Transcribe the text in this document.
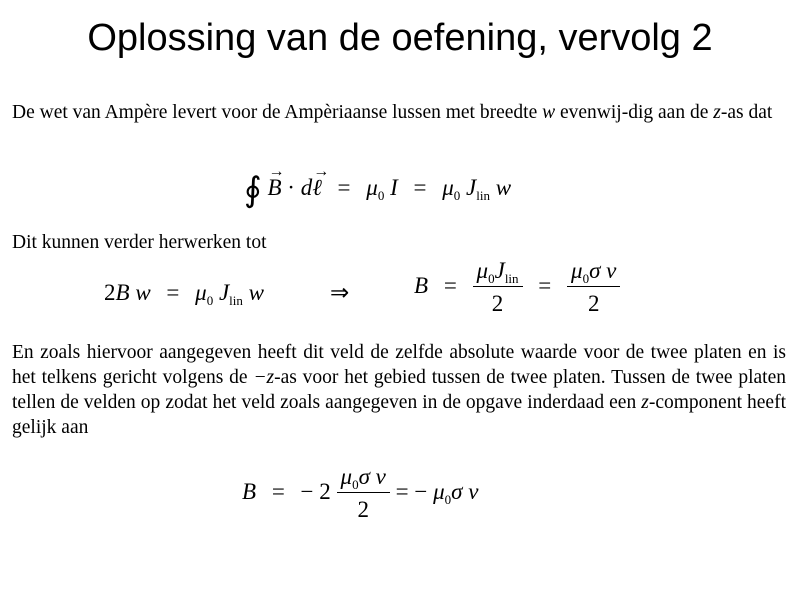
Oplossing van de oefening, vervolg 2
De wet van Ampère levert voor de Ampèriaanse lussen met breedte w evenwij-dig aan de z-as dat
∮ → B · d→ ℓ = $\mu_0$ $I = \mu_0$ $J_{lin}$ w
Dit kunnen verder herwerken tot
2B $w = \mu_0$ $J_{lin}$ w	⇒	$B = \frac{\mu_0J_{lin}}{2} = \frac{\mu_0\sigma v}{2}$
En zoals hiervoor aangegeven heeft dit veld de zelfde absolute waarde voor de twee platen en is het telkens gericht volgens de −z-as voor het gebied tussen de twee platen. Tussen de twee platen tellen de velden op zodat het veld zoals aangegeven in de opgave inderdaad een z-component heeft gelijk aan
B = − $2 \frac{\mu_0\sigma v}{2}$ = − $\mu_0\sigma$ v
